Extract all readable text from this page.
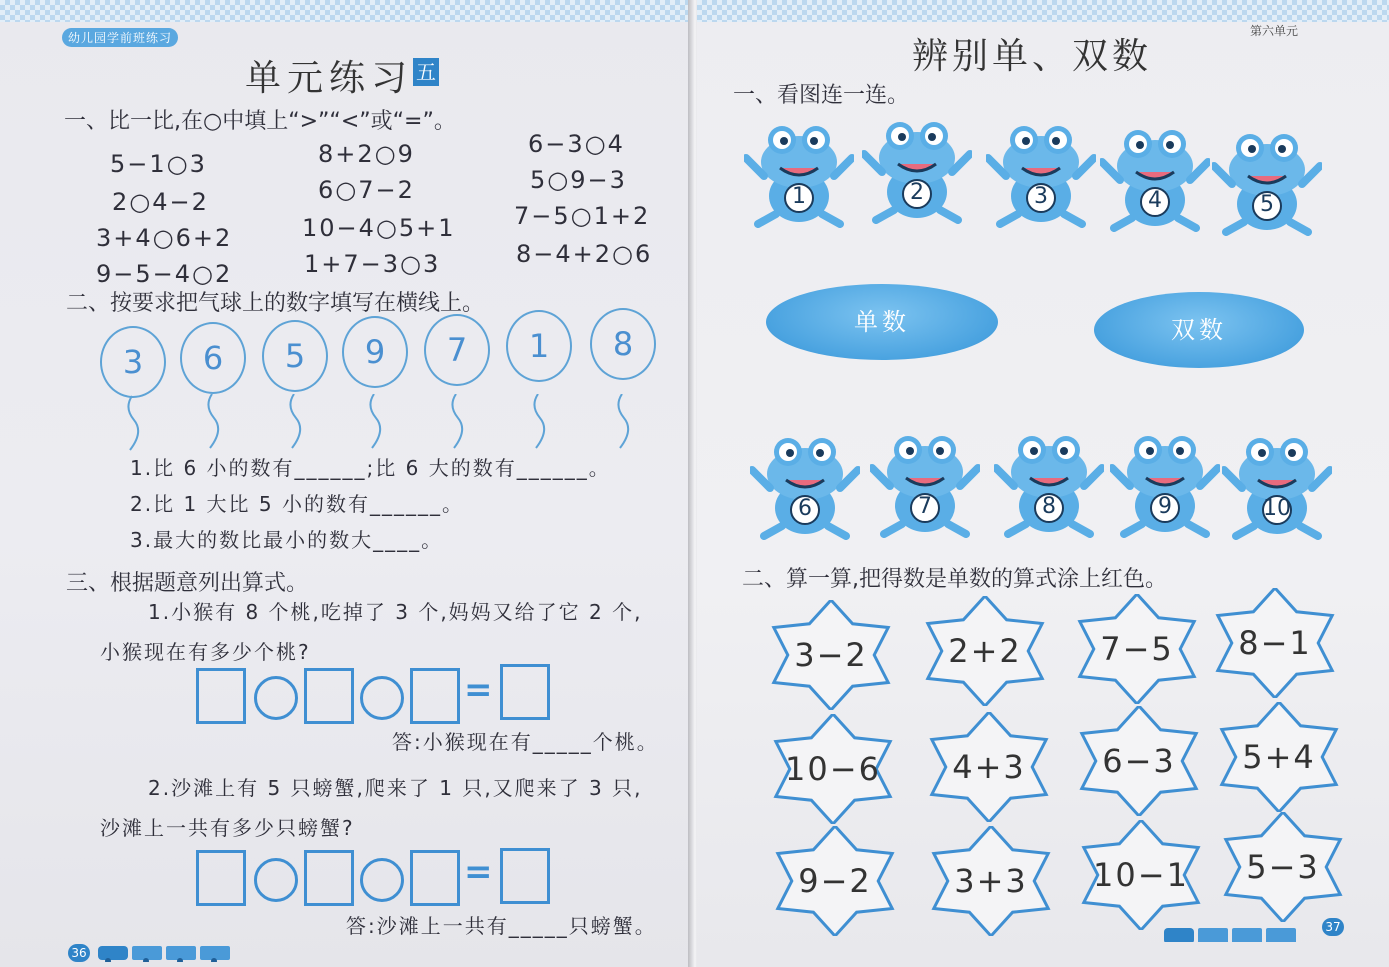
幼儿园学前班练习
单元练习 五
一、比一比,在○中填上“>”“<”或“=”。
5−1○3
2○4−2
3+4○6+2
9−5−4○2
8+2○9
6○7−2
10−4○5+1
1+7−3○3
6−3○4
5○9−3
7−5○1+2
8−4+2○6
二、按要求把气球上的数字填写在横线上。
3	6	5	9	7	1	8
1.比 6 小的数有______;比 6 大的数有______。
2.比 1 大比 5 小的数有______。
3.最大的数比最小的数大____。
三、根据题意列出算式。
1.小猴有 8 个桃,吃掉了 3 个,妈妈又给了它 2 个,
小猴现在有多少个桃?
=
答:小猴现在有_____个桃。
2.沙滩上有 5 只螃蟹,爬来了 1 只,又爬来了 3 只,
沙滩上一共有多少只螃蟹?
=
答:沙滩上一共有_____只螃蟹。
36
辨别单、双数
第六单元
一、看图连一连。
1	2	3	4	5
6	7	8	9	10
单数	双数
二、算一算,把得数是单数的算式涂上红色。
3−2	2+2	7−5	8−1
10−6	4+3	6−3	5+4
9−2	3+3	10−1	5−3
37
